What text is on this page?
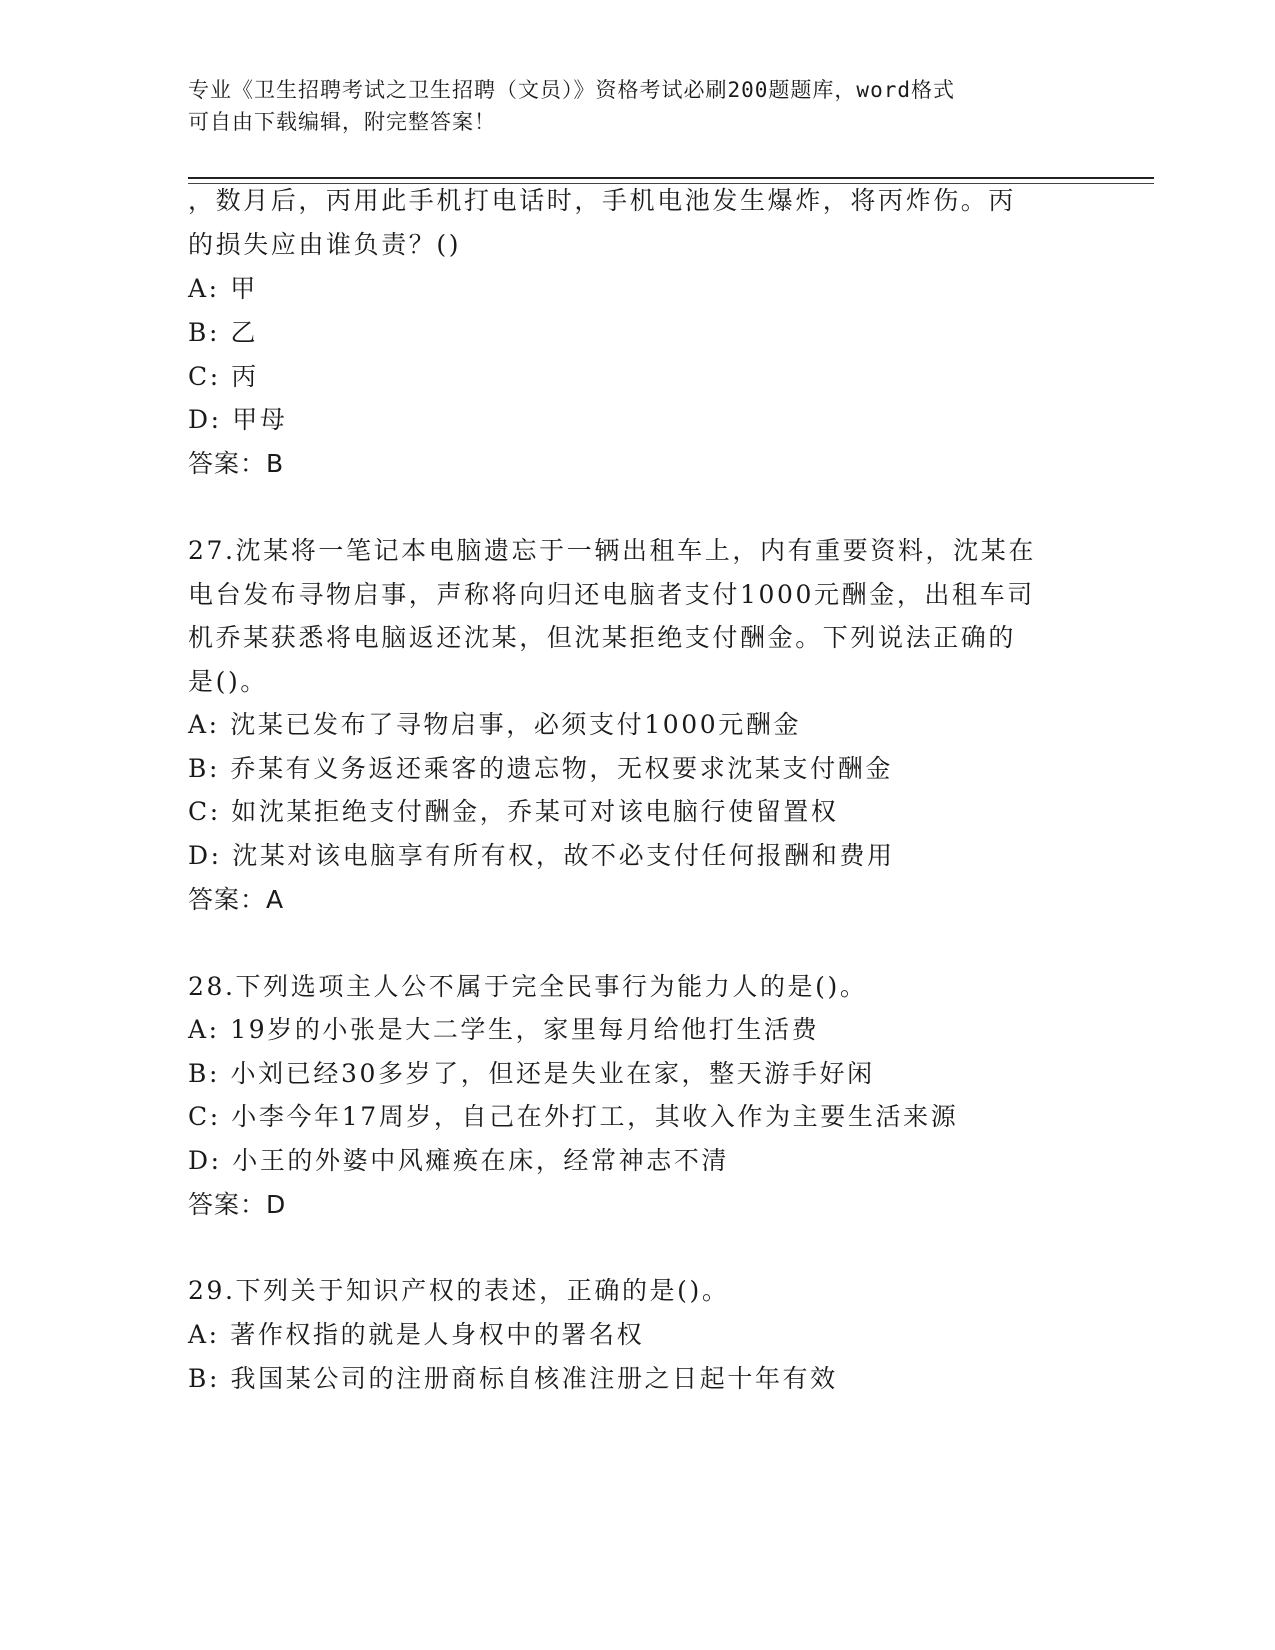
专业《卫生招聘考试之卫生招聘（文员）》资格考试必刷200题题库，word格式
可自由下载编辑，附完整答案！
，数月后，丙用此手机打电话时，手机电池发生爆炸，将丙炸伤。丙
的损失应由谁负责？()
A: 甲
B: 乙
C: 丙
D: 甲母
答案：B
27.沈某将一笔记本电脑遗忘于一辆出租车上，内有重要资料，沈某在
电台发布寻物启事，声称将向归还电脑者支付1000元酬金，出租车司
机乔某获悉将电脑返还沈某，但沈某拒绝支付酬金。下列说法正确的
是()。
A: 沈某已发布了寻物启事，必须支付1000元酬金
B: 乔某有义务返还乘客的遗忘物，无权要求沈某支付酬金
C: 如沈某拒绝支付酬金，乔某可对该电脑行使留置权
D: 沈某对该电脑享有所有权，故不必支付任何报酬和费用
答案：A
28.下列选项主人公不属于完全民事行为能力人的是()。
A: 19岁的小张是大二学生，家里每月给他打生活费
B: 小刘已经30多岁了，但还是失业在家，整天游手好闲
C: 小李今年17周岁，自己在外打工，其收入作为主要生活来源
D: 小王的外婆中风瘫痪在床，经常神志不清
答案：D
29.下列关于知识产权的表述，正确的是()。
A: 著作权指的就是人身权中的署名权
B: 我国某公司的注册商标自核准注册之日起十年有效
